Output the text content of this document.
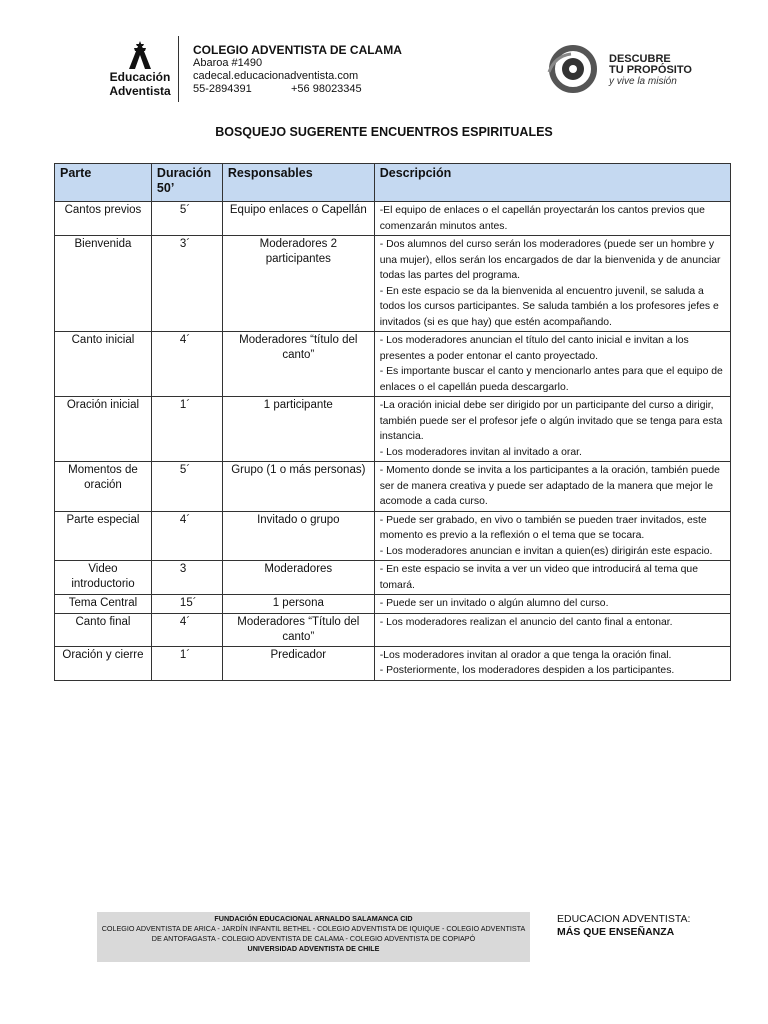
Educación
Adventista
COLEGIO ADVENTISTA DE CALAMA
Abaroa #1490
cadecal.educacionadventista.com
55-2894391	+56 98023345
DESCUBRE
TU PROPÓSITO
y vive la misión
BOSQUEJO SUGERENTE ENCUENTROS ESPIRITUALES
Parte	Duración 50’	Responsables	Descripción
Cantos previos	5´	Equipo enlaces o Capellán	-El equipo de enlaces o el capellán proyectarán los cantos previos que comenzarán minutos antes.

Bienvenida	3´	Moderadores 2 participantes	- Dos alumnos del curso serán los moderadores (puede ser un hombre y una mujer), ellos serán los encargados de dar la bienvenida y de anunciar todas las partes del programa.
- En este espacio se da la bienvenida al encuentro juvenil, se saluda a todos los cursos participantes. Se saluda también a los profesores jefes e invitados (si es que hay) que estén acompañando.

Canto inicial	4´	Moderadores “título del canto”	- Los moderadores anuncian el título del canto inicial e invitan a los presentes a poder entonar el canto proyectado.
- Es importante buscar el canto y mencionarlo antes para que el equipo de enlaces o el capellán pueda descargarlo.

Oración inicial	1´	1 participante	-La oración inicial debe ser dirigido por un participante del curso a dirigir, también puede ser el profesor jefe o algún invitado que se tenga para esta instancia.
- Los moderadores invitan al invitado a orar.

Momentos de oración	5´	Grupo (1 o más personas)	- Momento donde se invita a los participantes a la oración, también puede ser de manera creativa y puede ser adaptado de la manera que mejor le acomode a cada curso.

Parte especial	4´	Invitado o grupo	- Puede ser grabado, en vivo o también se pueden traer invitados, este momento es previo a la reflexión o el tema que se tocara.
- Los moderadores anuncian e invitan a quien(es) dirigirán este espacio.

Video introductorio	3	Moderadores	- En este espacio se invita a ver un video que introducirá al tema que tomará.

Tema Central	15´	1 persona	- Puede ser un invitado o algún alumno del curso.

Canto final	4´	Moderadores “Título del canto”	- Los moderadores realizan el anuncio del canto final a entonar.

Oración y cierre	1´	Predicador	-Los moderadores invitan al orador a que tenga la oración final.
- Posteriormente, los moderadores despiden a los participantes.
FUNDACIÓN EDUCACIONAL ARNALDO SALAMANCA CID
COLEGIO ADVENTISTA DE ARICA - JARDÍN INFANTIL BETHEL - COLEGIO ADVENTISTA DE IQUIQUE - COLEGIO ADVENTISTA
DE ANTOFAGASTA - COLEGIO ADVENTISTA DE CALAMA - COLEGIO ADVENTISTA DE COPIAPÓ
UNIVERSIDAD ADVENTISTA DE CHILE
EDUCACION ADVENTISTA:
MÁS QUE ENSEÑANZA
